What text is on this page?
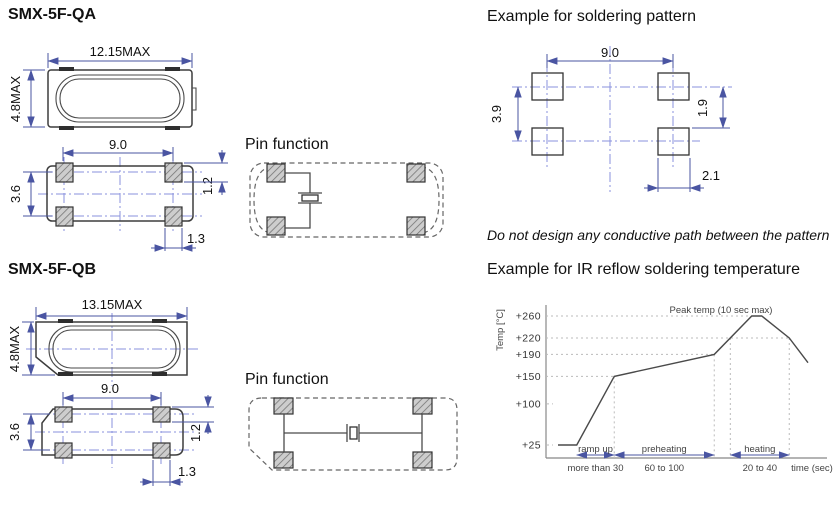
SMX-5F-QA	Example for soldering pattern
Pin function
Do not design any conductive path between the pattern
SMX-5F-QB	Example for IR reflow soldering temperature
Pin function
12.15MAX
4.8MAX
9.0
3.6	1.2
1.3
9.0
3.9	1.9
2.1
13.15MAX
4.8MAX
9.0
3.6	1.2
1.3
+260
+220
+190
+150
+100
+25	ramp up
more than 30
preheating
60 to 100
heating
20 to 40
Peak temp (10 sec max)
time (sec)
Temp [°C]
